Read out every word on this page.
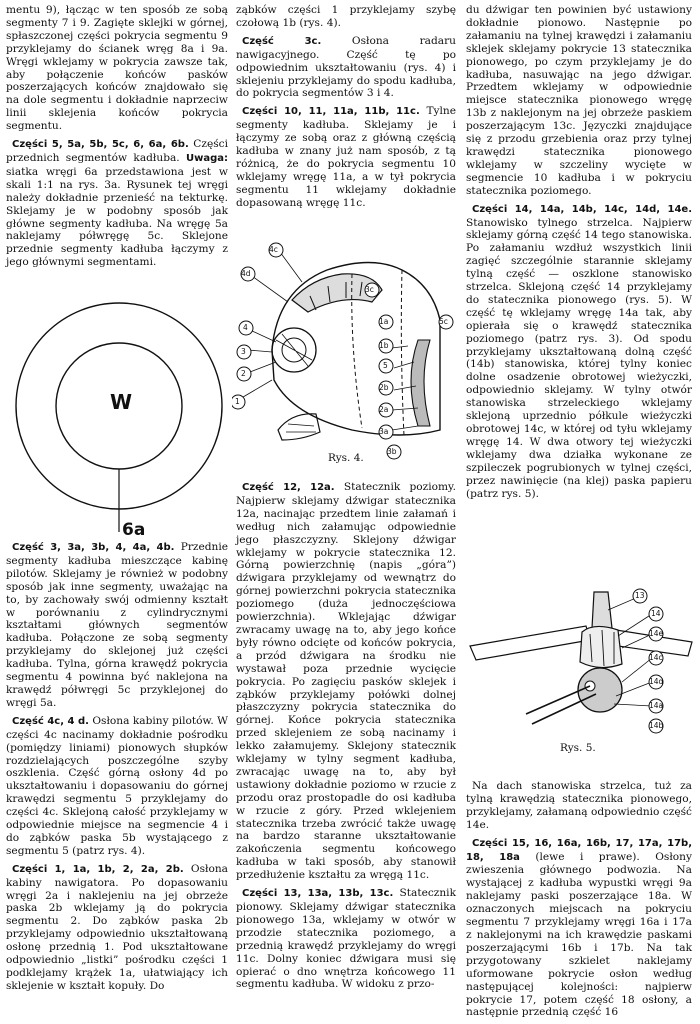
mentu 9), łącząc w ten sposób ze sobą segmenty 7 i 9. Zagięte sklejki w górnej, spłaszczonej części pokrycia segmentu 9 przyklejamy do ścianek wręg 8a i 9a. Wręgi wklejamy w pokrycia zawsze tak, aby połączenie końców pasków poszerzających końców znajdowało się na dole segmentu i dokładnie naprzeciw linii sklejenia końców pokrycia segmentu.

Części 5, 5a, 5b, 5c, 6, 6a, 6b. Części przednich segmentów kadłuba. Uwaga: siatka wręgi 6a przedstawiona jest w skali 1:1 na rys. 3a. Rysunek tej wręgi należy dokładnie przenieść na tekturkę. Sklejamy je w podobny sposób jak główne segmenty kadłuba. Na wręgę 5a naklejamy półwręgę 5c. Sklejone przednie segmenty kadłuba łączymy z jego głównymi segmentami.

W
6a

Część 3, 3a, 3b, 4, 4a, 4b. Przednie segmenty kadłuba mieszczące kabinę pilotów. Sklejamy je również w podobny sposób jak inne segmenty, uważając na to, by zachowały swój odmienny kształt w porównaniu z cylindrycznymi kształtami głównych segmentów kadłuba. Połączone ze sobą segmenty przyklejamy do sklejonej już części kadłuba. Tylna, górna krawędź pokrycia segmentu 4 powinna być naklejona na krawędź półwręgi 5c przyklejonej do wręgi 5a.

Część 4c, 4 d. Osłona kabiny pilotów. W części 4c nacinamy dokładnie pośrodku (pomiędzy liniami) pionowych słupków rozdzielających poszczególne szyby oszklenia. Część górną osłony 4d po ukształtowaniu i dopasowaniu do górnej krawędzi segmentu 5 przyklejamy do części 4c. Sklejoną całość przyklejamy w odpowiednie miejsce na segmencie 4 i do ząbków paska 5b wystającego z segmentu 5 (patrz rys. 4).

Części 1, 1a, 1b, 2, 2a, 2b. Osłona kabiny nawigatora. Po dopasowaniu wręgi 2a i naklejeniu na jej obrzeże paska 2b wklejamy ją do pokrycia segmentu 2. Do ząbków paska 2b przyklejamy odpowiednio ukształtowaną osłonę przednią 1. Pod ukształtowane odpowiednio „listki” pośrodku części 1 podklejamy krążek 1a, ułatwiający ich sklejenie w kształt kopuły. Do

ząbków części 1 przyklejamy szybę czołową 1b (rys. 4).

Część 3c.	Osłona radaru nawigacyjnego. Część tę po odpowiednim ukształtowaniu (rys. 4) i sklejeniu przyklejamy do spodu kadłuba, do pokrycia segmentów 3 i 4.

Części 10, 11, 11a, 11b, 11c. Tylne segmenty kadłuba. Sklejamy je i łączymy ze sobą oraz z główną częścią kadłuba w znany już nam sposób, z tą różnicą, że do pokrycia segmentu 10 wklejamy wręgę 11a, a w tył pokrycia segmentu 11 wklejamy dokładnie dopasowaną wręgę 11c.

4c
4d
4
3
2
1
1a
1b
5
2b
2a
3a
3b
3c
5c
Rys. 4.

Część 12, 12a. Statecznik poziomy. Najpierw sklejamy dźwigar statecznika 12a, nacinając przedtem linie załamań i według nich załamując odpowiednie jego płaszczyzny. Sklejony dźwigar wklejamy w pokrycie statecznika 12. Górną powierzchnię (napis „góra”) dźwigara przyklejamy od wewnątrz do górnej powierzchni pokrycia statecznika poziomego (duża jednoczęściowa powierzchnia). Wklejając dźwigar zwracamy uwagę na to, aby jego końce były równo odcięte od końców pokrycia, a przód dźwigara na środku nie wystawał poza przednie wycięcie pokrycia. Po zagięciu pasków sklejek i ząbków przyklejamy połówki dolnej płaszczyzny pokrycia statecznika do górnej. Końce pokrycia statecznika przed sklejeniem ze sobą nacinamy i lekko załamujemy. Sklejony statecznik wklejamy w tylny segment kadłuba, zwracając uwagę na to, aby był ustawiony dokładnie poziomo w rzucie z przodu oraz prostopadle do osi kadłuba w rzucie z góry. Przed wklejeniem statecznika trzeba zwrócić także uwagę na bardzo staranne ukształtowanie zakończenia segmentu końcowego kadłuba w taki sposób, aby stanowił przedłużenie kształtu za wręgą 11c.

Części 13, 13a, 13b, 13c. Statecznik pionowy. Sklejamy dźwigar statecznika pionowego 13a, wklejamy w otwór w przodzie statecznika poziomego, a przednią krawędź przyklejamy do wręgi 11c. Dolny koniec dźwigara musi się opierać o dno wnętrza końcowego 11 segmentu kadłuba. W widoku z przo-

du dźwigar ten powinien być ustawiony dokładnie pionowo. Następnie po załamaniu na tylnej krawędzi i załamaniu sklejek sklejamy pokrycie 13 statecznika pionowego, po czym przyklejamy je do kadłuba, nasuwając na jego dźwigar. Przedtem wklejamy w odpowiednie miejsce statecznika pionowego wręgę 13b z naklejonym na jej obrzeże paskiem poszerzającym 13c. Języczki znajdujące się z przodu grzebienia oraz przy tylnej krawędzi statecznika pionowego wklejamy w szczeliny wycięte w segmencie 10 kadłuba i w pokryciu statecznika poziomego.

Części 14, 14a, 14b, 14c, 14d, 14e. Stanowisko tylnego strzelca. Najpierw sklejamy górną część 14 tego stanowiska. Po załamaniu wzdłuż wszystkich linii zagięć szczególnie starannie sklejamy tylną część — oszklone stanowisko strzelca. Sklejoną część 14 przyklejamy do statecznika pionowego (rys. 5). W część tę wklejamy wręgę 14a tak, aby opierała się o krawędź statecznika poziomego (patrz rys. 3). Od spodu przyklejamy ukształtowaną dolną część (14b) stanowiska, której tylny koniec dolne osadzenie obrotowej wieżyczki, odpowiednio sklejamy. W tylny otwór stanowiska strzeleckiego wklejamy sklejoną uprzednio półkule wieżyczki obrotowej 14c, w której od tyłu wklejamy wręgę 14. W dwa otwory tej wieżyczki wklejamy dwa działka wykonane ze szpileczek pogrubionych w tylnej części, przez nawinięcie (na klej) paska papieru (patrz rys. 5).

13
14
14e
14c
14d
14a
14b
Rys. 5.

Na dach stanowiska strzelca, tuż za tylną krawędzią statecznika pionowego, przyklejamy, załamaną odpowiednio część 14e.

Części 15, 16, 16a, 16b, 17, 17a, 17b, 18, 18a (lewe i prawe). Osłony zwieszenia głównego podwozia. Na wystającej z kadłuba wypustki wręgi 9a naklejamy paski poszerzające 18a. W oznaczonych miejscach na pokryciu segmentu 7 przyklejamy wręgi 16a i 17a z naklejonymi na ich krawędzie paskami poszerzającymi 16b i 17b. Na tak przygotowany szkielet naklejamy uformowane pokrycie osłon według następującej kolejności: najpierw pokrycie 17, potem część 18 osłony, a następnie przednią część 16
